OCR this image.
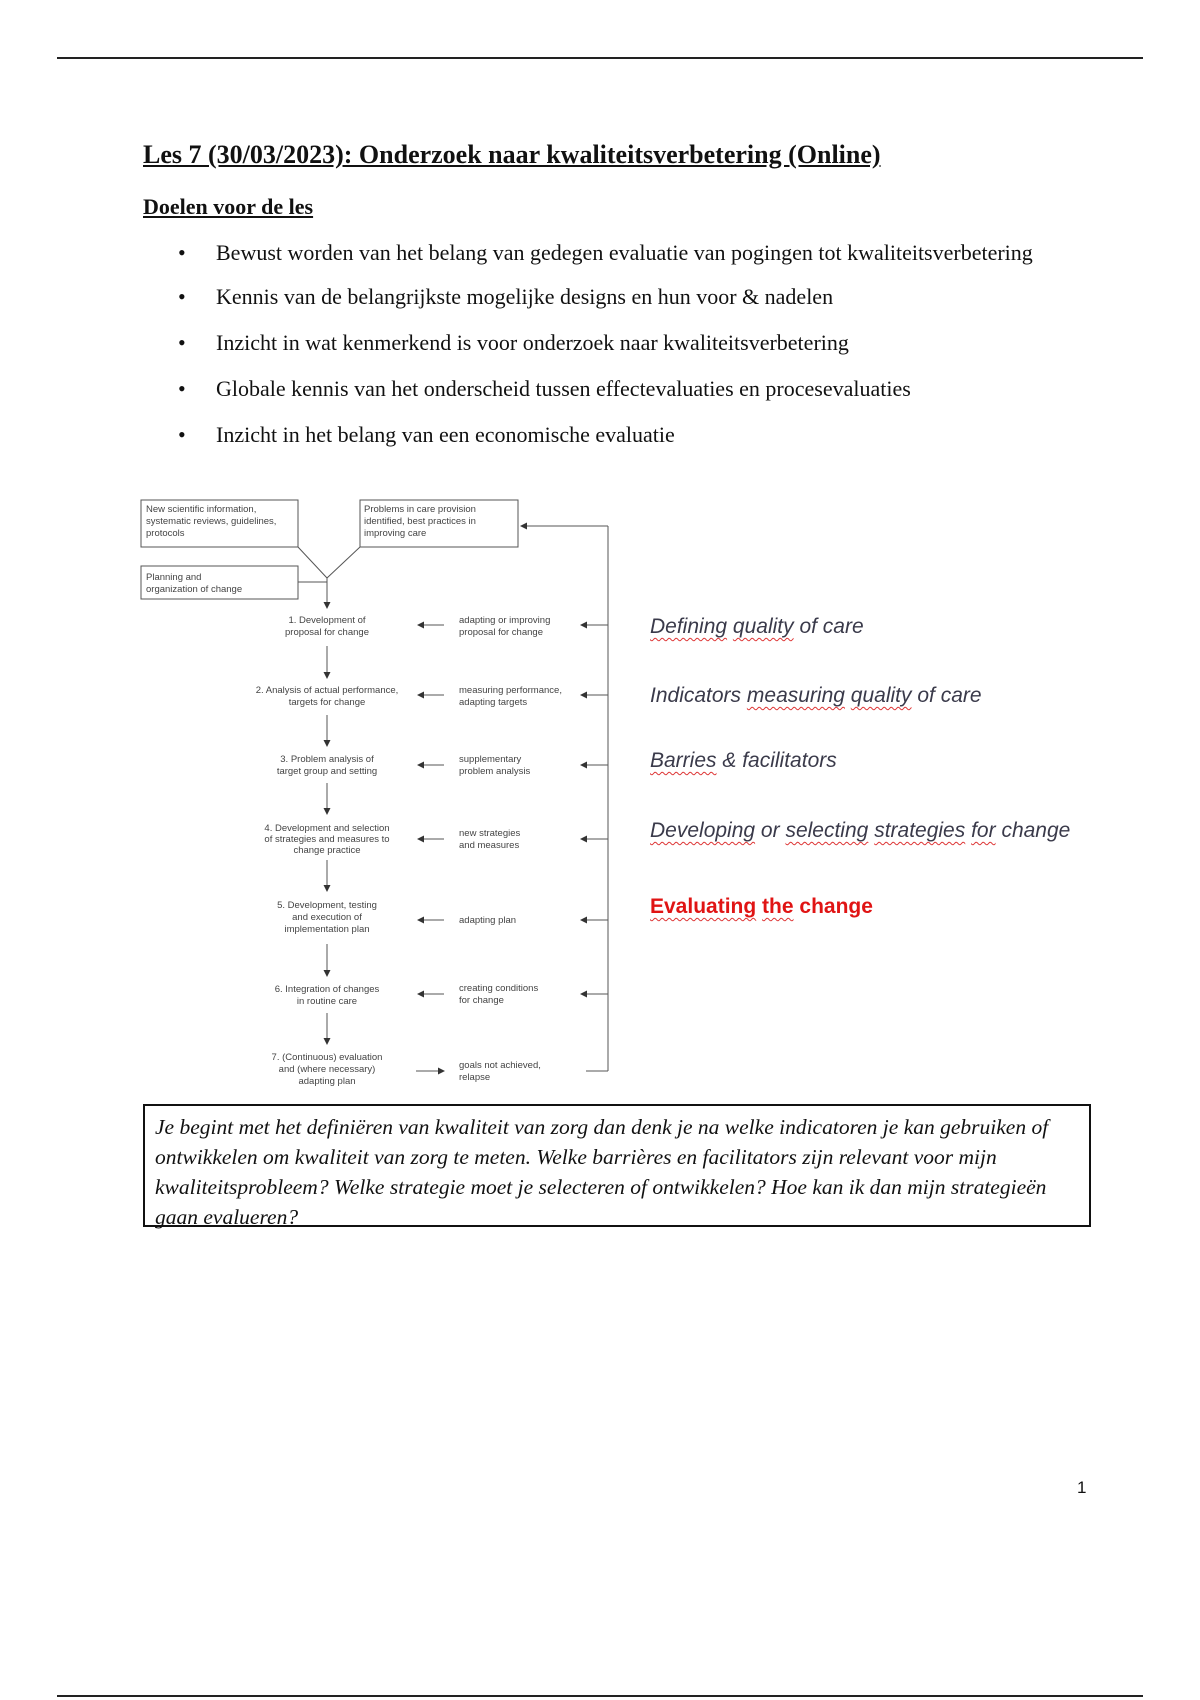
Les 7 (30/03/2023): Onderzoek naar kwaliteitsverbetering (Online)
Doelen voor de les
• Bewust worden van het belang van gedegen evaluatie van pogingen tot kwaliteitsverbetering
• Kennis van de belangrijkste mogelijke designs en hun voor & nadelen
• Inzicht in wat kenmerkend is voor onderzoek naar kwaliteitsverbetering
• Globale kennis van het onderscheid tussen effectevaluaties en procesevaluaties
• Inzicht in het belang van een economische evaluatie
New scientific information,
systematic reviews, guidelines,
protocols
Problems in care provision
identified, best practices in
improving care
Planning and
organization of change
1. Development of
proposal for change
2. Analysis of actual performance,
targets for change
3. Problem analysis of
target group and setting
4. Development and selection
of strategies and measures to
change practice
5. Development, testing
and execution of
implementation plan
6. Integration of changes
in routine care
7. (Continuous) evaluation
and (where necessary)
adapting plan
adapting or improving
proposal for change
measuring performance,
adapting targets
supplementary
problem analysis
new strategies
and measures
adapting plan
creating conditions
for change
goals not achieved,
relapse
Defining quality of care
Indicators measuring quality of care
Barries & facilitators
Developing or selecting strategies for change
Evaluating the change
Je begint met het definiëren van kwaliteit van zorg dan denk je na welke indicatoren je kan gebruiken of ontwikkelen om kwaliteit van zorg te meten. Welke barrières en facilitators zijn relevant voor mijn kwaliteitsprobleem? Welke strategie moet je selecteren of ontwikkelen? Hoe kan ik dan mijn strategieën gaan evalueren?
1
